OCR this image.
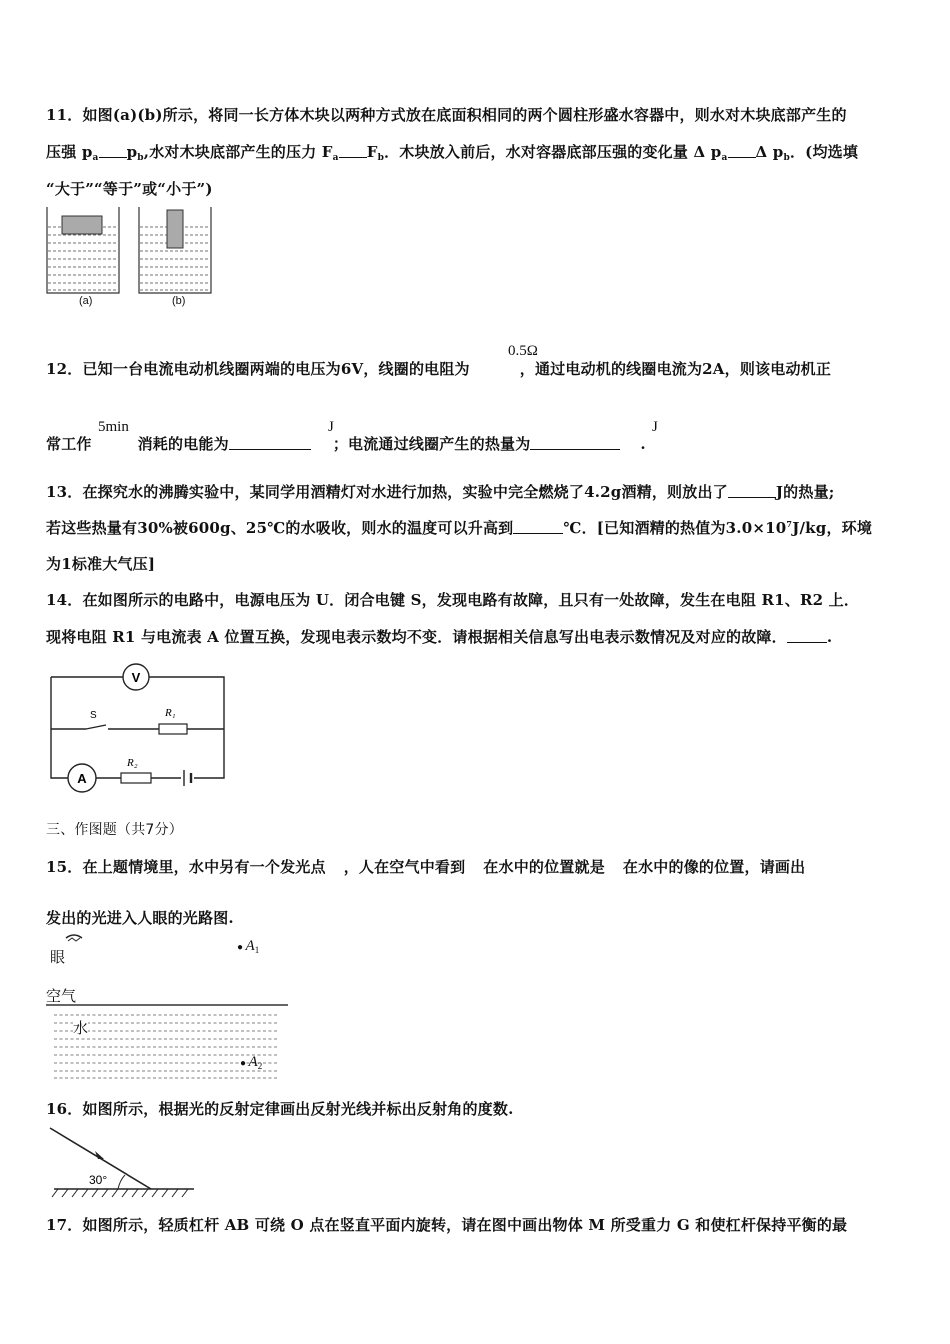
11．如图(a)(b)所示，将同一长方体木块以两种方式放在底面积相同的两个圆柱形盛水容器中，则水对木块底部产生的
压强 $p_a$ $p_b$,水对木块底部产生的压力 $F_a$ $F_b$．木块放入前后，水对容器底部压强的变化量 Δ $p_a$ Δ $p_b$．(均选填
“大于”“等于”或“小于”)
(a)	(b)
0.5Ω
12．已知一台电流电动机线圈两端的电压为6V，线圈的电阻为	，通过电动机的线圈电流为2A，则该电动机正
5min	J	J
常工作	消耗的电能为	；电流通过线圈产生的热量为	.
13．在探究水的沸腾实验中，某同学用酒精灯对水进行加热，实验中完全燃烧了4.2g酒精，则放出了	J的热量;
若这些热量有30%被600g、25℃的水吸收，则水的温度可以升高到	℃．[已知酒精的热值为$3.0\times 10^7J/kg$，环境
为1标准大气压]
14．在如图所示的电路中，电源电压为 U．闭合电键 S，发现电路有故障，且只有一处故障，发生在电阻 R1、R2 上．
现将电阻 R1 与电流表 A 位置互换，发现电表示数均不变．请根据相关信息写出电表示数情况及对应的故障．	.
V
S	R₁
A
R₂
三、作图题（共7分）
15．在上题情境里，水中另有一个发光点 ，人在空气中看到 在水中的位置就是 在水中的像的位置，请画出
发出的光进入人眼的光路图.
眼
● $A_1$
空气
水
● $A_2$
16．如图所示，根据光的反射定律画出反射光线并标出反射角的度数.
30°
17．如图所示，轻质杠杆 AB 可绕 O 点在竖直平面内旋转，请在图中画出物体 M 所受重力 G 和使杠杆保持平衡的最
